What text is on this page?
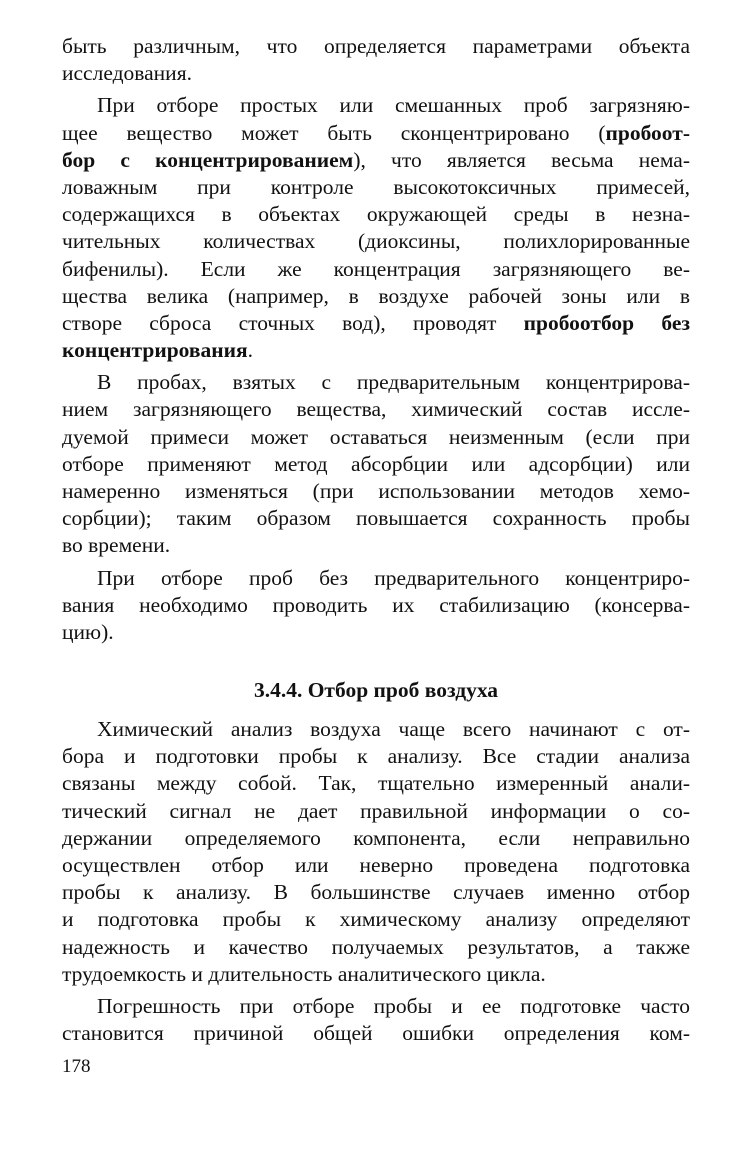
быть различным, что определяется параметрами объекта
исследования.
При отборе простых или смешанных проб загрязняю-
щее вещество может быть сконцентрировано (пробоот-
бор с концентрированием), что является весьма нема-
ловажным при контроле высокотоксичных примесей,
содержащихся в объектах окружающей среды в незна-
чительных количествах (диоксины, полихлорированные
бифенилы). Если же концентрация загрязняющего ве-
щества велика (например, в воздухе рабочей зоны или в
створе сброса сточных вод), проводят пробоотбор без
концентрирования.
В пробах, взятых с предварительным концентрирова-
нием загрязняющего вещества, химический состав иссле-
дуемой примеси может оставаться неизменным (если при
отборе применяют метод абсорбции или адсорбции) или
намеренно изменяться (при использовании методов хемо-
сорбции); таким образом повышается сохранность пробы
во времени.
При отборе проб без предварительного концентриро-
вания необходимо проводить их стабилизацию (консерва-
цию).
3.4.4. Отбор проб воздуха
Химический анализ воздуха чаще всего начинают с от-
бора и подготовки пробы к анализу. Все стадии анализа
связаны между собой. Так, тщательно измеренный анали-
тический сигнал не дает правильной информации о со-
держании определяемого компонента, если неправильно
осуществлен отбор или неверно проведена подготовка
пробы к анализу. В большинстве случаев именно отбор
и подготовка пробы к химическому анализу определяют
надежность и качество получаемых результатов, а также
трудоемкость и длительность аналитического цикла.
Погрешность при отборе пробы и ее подготовке часто
становится причиной общей ошибки определения ком-
178
